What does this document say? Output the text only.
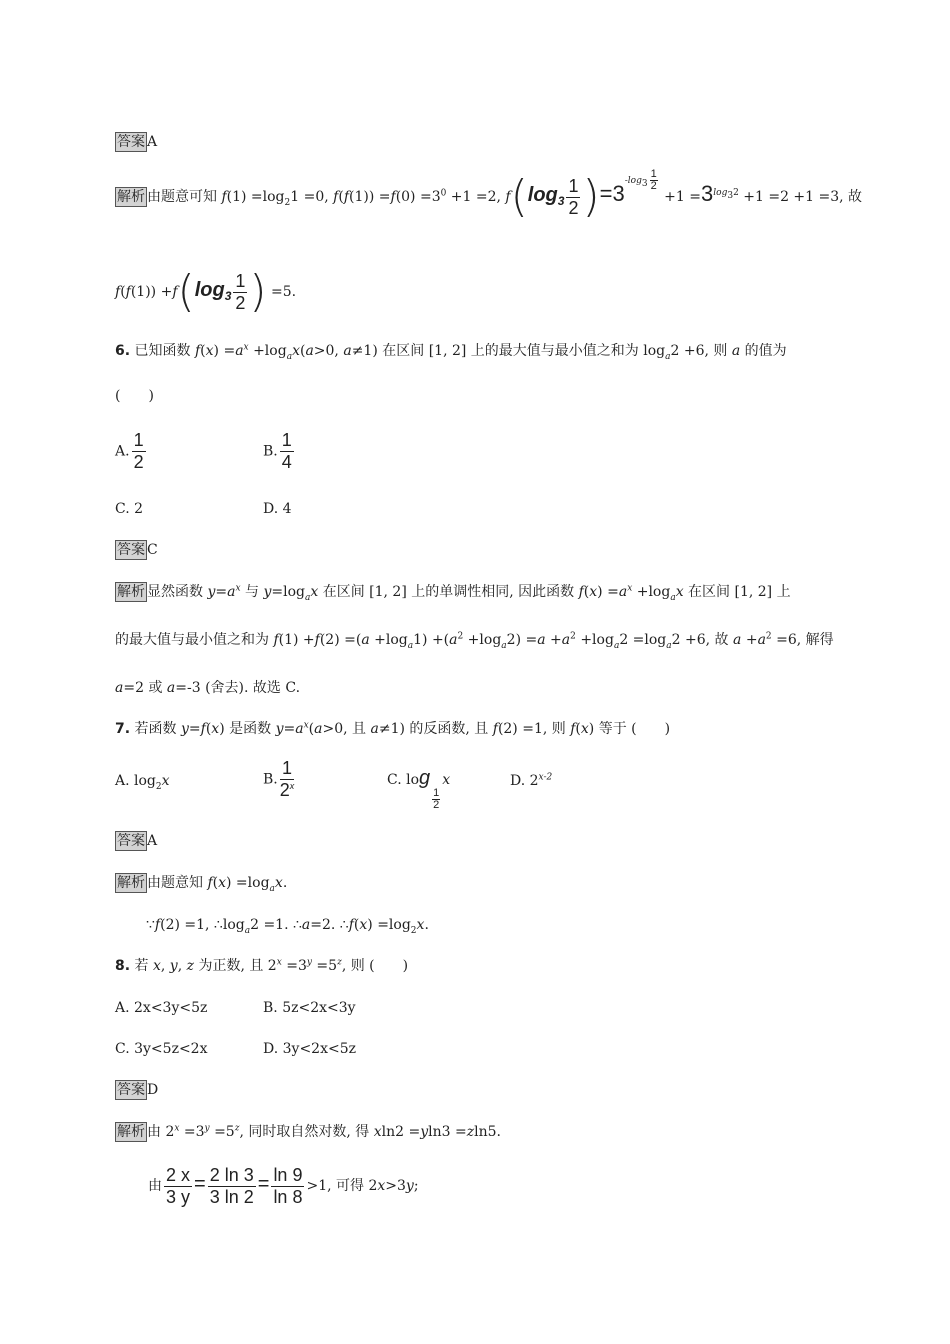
答案 A
解析 由题意可知 $f(1) =\log_21 =0$, $f(f(1)) =f(0) =3^0 +1 =2$, $f(\log_3 \frac{1}{2} )=3^{-log_3 \frac{1}{2}}$
$+1 =3^{log_32} +1 =2 +1 =3$, 故
$f(f(1)) +f(\log_3 \frac{1}{2}$ ) =5.
6. 已知函数 $f(x) =a^x +\log_ax(a>0$, a≠1) 在区间 [1, 2] 上的最大值与最小值之和为 $\log_a2 +6$, 则 a 的值为
(　　)
A. $\frac{1}{2}$	B. $\frac{1}{4}$
C. 2	D. 4
答案 C
解析 显然函数 $y=a^x$ 与 $y=\log_ax$ 在区间 [1, 2] 上的单调性相同, 因此函数 $f(x) =a^x +\log_ax$ 在区间 [1, 2] 上
的最大值与最小值之和为 $f(1) +f(2) =(a +\log_a1) +(a^2 +\log_a2) =a +a^2 +\log_a2 =\log_a2 +6$, 故 $a +a^2 =6$, 解得
a=2 或 a=-3 (舍去). 故选 C.
7. 若函数 y=f(x) 是函数 $y=a^x(a>0$, 且 a≠1) 的反函数, 且 f(2) =1, 则 f(x) 等于 (　　)
A. $\log_2x$	B. $\frac{1}{2^x}$	C. log
$\frac{1}{2}$
x	D. 2$^{x-2}$
答案 A
解析 由题意知 $f(x) =\log_ax$.
∵f(2) =1, $\therefore\log_a2 =1$. ∴a=2. ∴f(x) $=\log_2x$.
8. 若 x, y, z 为正数, 且 $2^x =3^y =5^z$, 则 (　　)
A. 2x<3y<5z	B. 5z<2x<3y
C. 3y<5z<2x	D. 3y<2x<5z
答案 D
解析 由 $2^x =3^y =5^z$, 同时取自然对数, 得 xln2 =yln3 =zln5.
由 $\frac{2 x}{3 y} = \frac{2 \ln 3}{3 \ln 2} = \frac{\ln 9}{\ln 8} >1$, 可得 2x>3y;
